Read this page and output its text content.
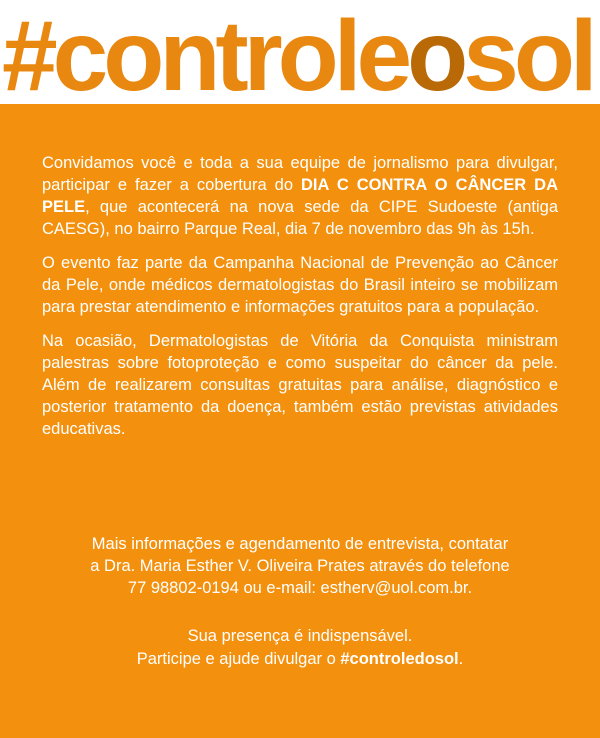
#controleosol

Convidamos você e toda a sua equipe de jornalismo para divulgar, participar e fazer a cobertura do DIA C CONTRA O CÂNCER DA PELE, que acontecerá na nova sede da CIPE Sudoeste (antiga CAESG), no bairro Parque Real, dia 7 de novembro das 9h às 15h.

O evento faz parte da Campanha Nacional de Prevenção ao Câncer da Pele, onde médicos dermatologistas do Brasil inteiro se mobilizam para prestar atendimento e informações gratuitos para a população.

Na ocasião, Dermatologistas de Vitória da Conquista ministram palestras sobre fotoproteção e como suspeitar do câncer da pele. Além de realizarem consultas gratuitas para análise, diagnóstico e posterior tratamento da doença, também estão previstas atividades educativas.

Mais informações e agendamento de entrevista, contatar
a Dra. Maria Esther V. Oliveira Prates através do telefone
77 98802-0194 ou e-mail: estherv@uol.com.br.
Sua presença é indispensável.
Participe e ajude divulgar o #controledosol.
